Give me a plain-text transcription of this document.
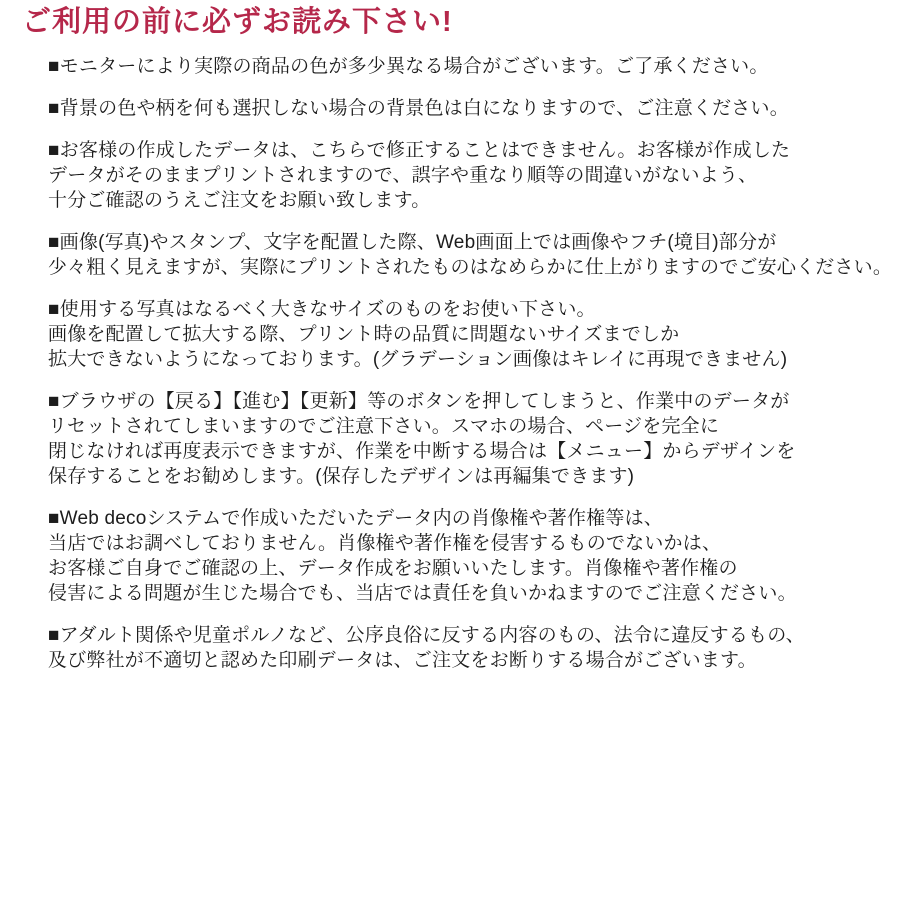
ご利用の前に必ずお読み下さい!
■モニターにより実際の商品の色が多少異なる場合がございます。ご了承ください。
■背景の色や柄を何も選択しない場合の背景色は白になりますので、ご注意ください。
■お客様の作成したデータは、こちらで修正することはできません。お客様が作成した
データがそのままプリントされますので、誤字や重なり順等の間違いがないよう、
十分ご確認のうえご注文をお願い致します。
■画像(写真)やスタンプ、文字を配置した際、Web画面上では画像やフチ(境目)部分が
少々粗く見えますが、実際にプリントされたものはなめらかに仕上がりますのでご安心ください。
■使用する写真はなるべく大きなサイズのものをお使い下さい。
画像を配置して拡大する際、プリント時の品質に問題ないサイズまでしか
拡大できないようになっております。(グラデーション画像はキレイに再現できません)
■ブラウザの【戻る】【進む】【更新】等のボタンを押してしまうと、作業中のデータが
リセットされてしまいますのでご注意下さい。スマホの場合、ページを完全に
閉じなければ再度表示できますが、作業を中断する場合は【メニュー】からデザインを
保存することをお勧めします。(保存したデザインは再編集できます)
■Web decoシステムで作成いただいたデータ内の肖像権や著作権等は、
当店ではお調べしておりません。肖像権や著作権を侵害するものでないかは、
お客様ご自身でご確認の上、データ作成をお願いいたします。肖像権や著作権の
侵害による問題が生じた場合でも、当店では責任を負いかねますのでご注意ください。
■アダルト関係や児童ポルノなど、公序良俗に反する内容のもの、法令に違反するもの、
及び弊社が不適切と認めた印刷データは、ご注文をお断りする場合がございます。
